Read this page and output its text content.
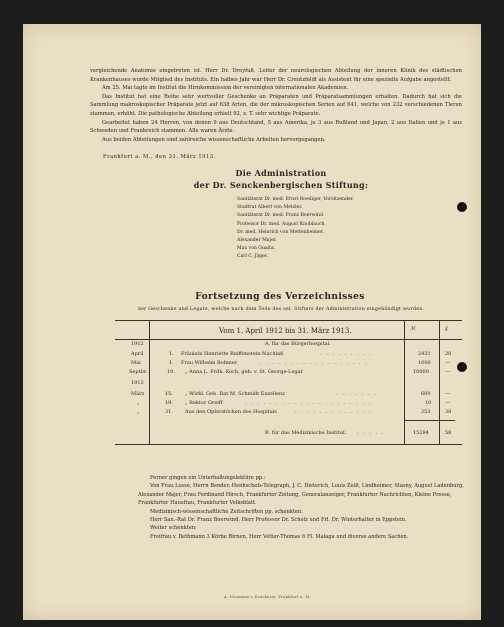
vergleichende Anatomie eingetreten ist. Herr Dr. Dreyfuß, Leiter der neurologischen Abteilung der inneren Klinik des städtischen Krankenhauses wurde Mitglied des Instituts. Ein halbes Jahr war Herr Dr. Creutzfeldt als Assistent für eine spezielle Aufgabe angestellt.

Am 25. Mai tagte im Institut die Hirnkommission der vereinigten internationalen Akademien.

Das Institut hat eine Reihe sehr wertvoller Geschenke an Präparaten und Präparatsammlungen erhalten. Dadurch hat sich die Sammlung makroskopischer Präparate jetzt auf 638 Arten, die der mikroskopischen Serien auf 641, welche von 232 verschiedenen Tieren stammen, erhöht. Die pathologische Abteilung erhielt 92, z. T. sehr wichtige Präparate.

Gearbeitet haben 24 Herren, von denen 9 aus Deutschland, 5 aus Amerika, je 3 aus Rußland und Japan, 2 aus Italien und je 1 aus Schweden und Frankreich stammen. Alle waren Ärzte.

Aus beiden Abteilungen sind zahlreiche wissenschaftliche Arbeiten hervorgegangen.

Frankfurt a. M., den 31. März 1913.
Die Administration
der Dr. Senckenbergischen Stiftung:
Sanitätsrat Dr. med. Ernst Roediger, Vorsitzender.
Stadtrat Albert von Metzler.
Sanitätsrat Dr. med. Franz Boerwind.
Professor Dr. med. August Knoblauch.
Dr. med. Heinrich von Mettenheimer.
Alexander Majer.
Max von Guaita.
Carl C. Jäger.
Fortsetzung des Verzeichnisses
der Geschenke und Legate, welche nach dem Tode des sel. Stifters der Administration eingehändigt wurden.
Vom 1. April 1912 bis 31. März 1913.	ℳ	₰
A. für das Bürgerhospital.
1912
April	1. Fräulein Henriette Reiffenstein-Nachlaß	. . . . . . . . .	2431	20
Mai	1. Frau Wilhelm Rohmer	. . . . . . . . . . . . . . . . . .	1000	—
Septbr.	10. „ Anna L. Frdk. Koch, geb. v. St. George-Legat	10000	—
1913
März	15. „ Wirkl. Geh. Rat M. Schmidt Exzellenz	. . . . . . .	600	—
„	19. „ Rektor Greiff	. . . . . . . . . . . . . . . . . . . . .	10	—
„	31. Aus den Opferstöcken des Hospitals	. . . . . . . . . . . . .	253	38
B. für das Medizinische Institut. . . . . .	15294	58

Ferner gingen ein Unterhaltungslektüre pp.:

Von Frau Losse, Herrn Bender, Henhschels-Telegraph, J. C. Dieterich, Louis Zeiß, Lindheimer, Stasny, August Ladenburg, Alexander Majer, Frau Ferdinand Hirsch, Frankfurter Zeitung, Generalanzeiger, Frankfurter Nachrichten, Kleine Presse, Frankfurter Hausfrau, Frankfurter Volksblatt.

Medizinisch-wissenschaftliche Zeitschriften pp. schenkten:

Herr San.-Rat Dr. Franz Boerwind, Herr Professor Dr. Scholz und Frl. Dr. Winterhalter in Eppstein.

Weiter schenkten:

Freifrau v. Bethmann 3 Körbe Birnen, Herr Vetter-Thomas 6 Fl. Malaga und diverse andere Sachen.

A. Naumann's Druckerei, Frankfurt a. M.
